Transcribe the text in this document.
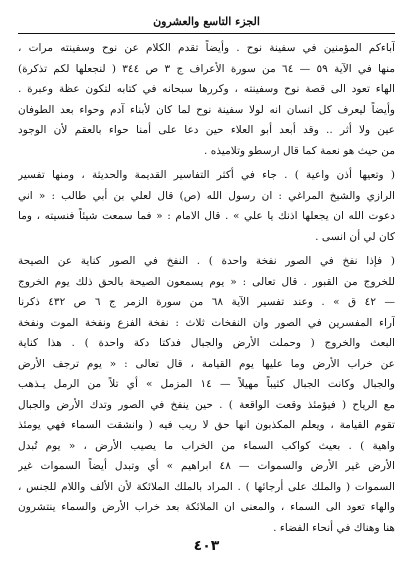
الجزء التاسع والعشرون
آباءكم المؤمنين في سفينة نوح . وأيضاً تقدم الكلام عن نوح وسفينته مرات ،
منها في الآية ٥٩ — ٦٤ من سورة الأعراف ج ٣ ص ٣٤٤ ( لنجعلها لكم تذكرة)
الهاء تعود الى قصة نوح وسفينته ، وكررها سبحانه في كتابه لتكون عظة وعبرة .
وأيضاً ليعرف كل انسان انه لولا سفينة نوح لما كان لأبناء آدم وحواء بعد الطوفان
عين ولا أثر .. وقد أبعد أبو العلاء حين دعا على أمنا حواء بالعقم لأن الوجود
من حيث هو نعمة كما قال ارسطو وتلاميذه .
( وتعيها أذن واعية ) . جاء في أكثر التفاسير القديمة والحديثة ، ومنها تفسير
الرازي والشيخ المراغي : ان رسول الله (ص) قال لعلي بن أبي طالب : « اني
دعوت الله ان يجعلها اذنك يا علي » . قال الامام : « فما سمعت شيئاً فنسيته ، وما
كان لي أن انسى .
( فإذا نفخ في الصور نفخة واحدة ) . النفخ في الصور كناية عن الصيحة
للخروج من القبور . قال تعالى : « يوم يسمعون الصيحة بالحق ذلك يوم الخروج
— ٤٢ ق » . وعند تفسير الآية ٦٨ من سورة الزمر ج ٦ ص ٤٣٢ ذكرنا
آراء المفسرين في الصور وان النفخات ثلاث : نفخة الفزع ونفخة الموت ونفخة
البعث والخروج ( وحملت الأرض والجبال فدكتا دكة واحدة ) . هذا كناية
عن خراب الأرض وما عليها يوم القيامة ، قال تعالى : « يوم ترجف الأرض
والجبال وكانت الجبال كثيباً مهيلاً — ١٤ المزمل » أي تلاً من الرمل يـذهب
مع الرياح ( فيؤمئذ وقعت الواقعة ) . حين ينفخ في الصور وتدك الأرض والجبال
تقوم القيامة ، ويعلم المكذبون انها حق لا ريب فيه ( وانشقت السماء فهي يومئذ
واهية ) . بعيث كواكب السماء من الخراب ما يصيب الأرض ، « يوم تُبدل
الأرض غير الأرض والسموات — ٤٨ ابراهيم » أي وتبدل أيضاً السموات غير
السموات ( والملك على أرجائها ) . المراد بالملك الملائكة لأن الألف واللام للجنس ،
والهاء تعود الى السماء ، والمعنى ان الملائكة بعد خراب الأرض والسماء ينتشرون
هنا وهناك في أنحاء الفضاء .
٤٠٣
